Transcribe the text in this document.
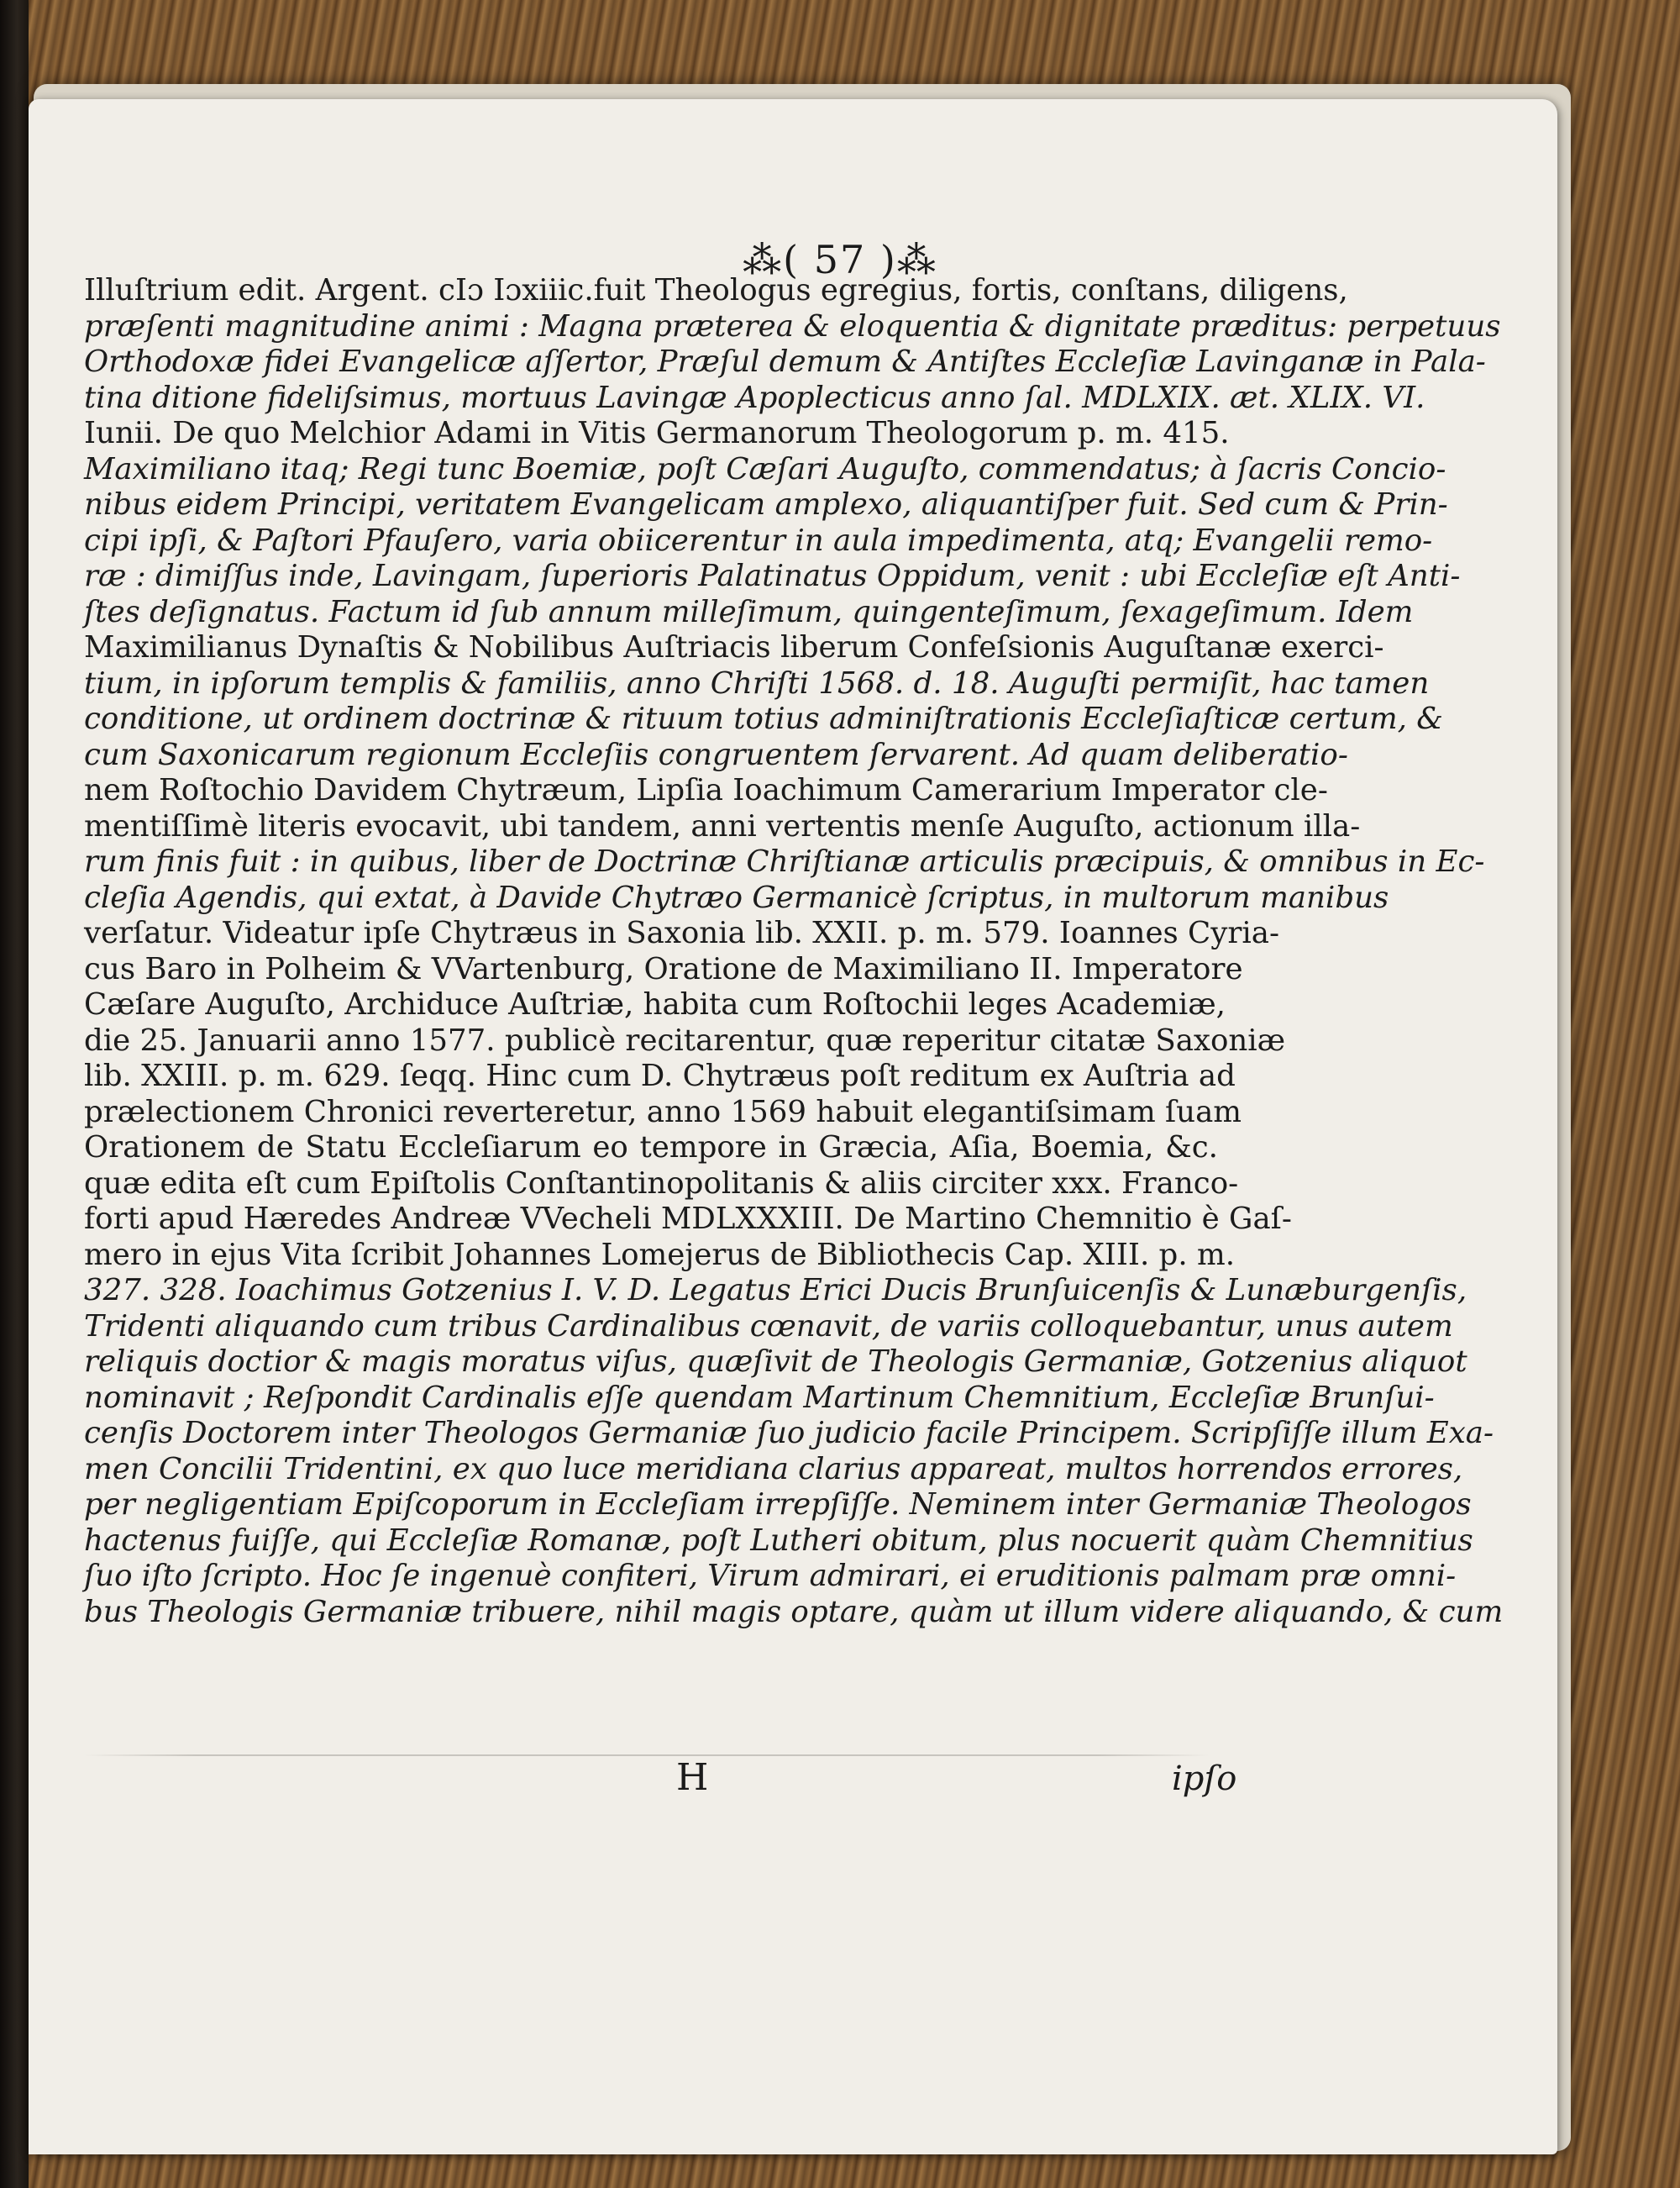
⁂( 57 )⁂
Illuſtrium edit. Argent. cIɔ Iɔxiiic.fuit Theologus egregius, fortis, conſtans, diligens,
præſenti magnitudine animi : Magna præterea & eloquentia & dignitate præditus: perpetuus
Orthodoxæ fidei Evangelicæ aſſertor, Præſul demum & Antiſtes Eccleſiæ Lavinganæ in Pala-
tina ditione fideliſsimus, mortuus Lavingæ Apoplecticus anno ſal. MDLXIX. æt. XLIX. VI.
Iunii. De quo Melchior Adami in Vitis Germanorum Theologorum p. m. 415.
Maximiliano itaq; Regi tunc Boemiæ, poſt Cæſari Auguſto, commendatus; à ſacris Concio-
nibus eidem Principi, veritatem Evangelicam amplexo, aliquantiſper fuit. Sed cum & Prin-
cipi ipſi, & Paſtori Pfauſero, varia obiicerentur in aula impedimenta, atq; Evangelii remo-
ræ : dimiſſus inde, Lavingam, ſuperioris Palatinatus Oppidum, venit : ubi Eccleſiæ eſt Anti-
ſtes deſignatus. Factum id ſub annum milleſimum, quingenteſimum, ſexageſimum. Idem
Maximilianus Dynaſtis & Nobilibus Auſtriacis liberum Confeſsionis Auguſtanæ exerci-
tium, in ipſorum templis & familiis, anno Chriſti 1568. d. 18. Auguſti permiſit, hac tamen
conditione, ut ordinem doctrinæ & rituum totius adminiſtrationis Eccleſiaſticæ certum, &
cum Saxonicarum regionum Eccleſiis congruentem ſervarent. Ad quam deliberatio-
nem Roſtochio Davidem Chytræum, Lipſia Ioachimum Camerarium Imperator cle-
mentiſſimè literis evocavit, ubi tandem, anni vertentis menſe Auguſto, actionum illa-
rum finis fuit : in quibus, liber de Doctrinæ Chriſtianæ articulis præcipuis, & omnibus in Ec-
cleſia Agendis, qui extat, à Davide Chytræo Germanicè ſcriptus, in multorum manibus
verſatur. Videatur ipſe Chytræus in Saxonia lib. XXII. p. m. 579. Ioannes Cyria-
cus Baro in Polheim & VVartenburg, Oratione de Maximiliano II. Imperatore
Cæſare Auguſto, Archiduce Auſtriæ, habita cum Roſtochii leges Academiæ,
die 25. Januarii anno 1577. publicè recitarentur, quæ reperitur citatæ Saxoniæ
lib. XXIII. p. m. 629. ſeqq. Hinc cum D. Chytræus poſt reditum ex Auſtria ad
prælectionem Chronici reverteretur, anno 1569 habuit elegantiſsimam ſuam
Orationem de Statu Eccleſiarum eo tempore in Græcia, Aſia, Boemia, &c.
quæ edita eſt cum Epiſtolis Conſtantinopolitanis & aliis circiter xxx. Franco-
forti apud Hæredes Andreæ VVecheli MDLXXXIII. De Martino Chemnitio è Gaſ-
mero in ejus Vita ſcribit Johannes Lomejerus de Bibliothecis Cap. XIII. p. m.
327. 328. Ioachimus Gotzenius I. V. D. Legatus Erici Ducis Brunſuicenſis & Lunæburgenſis,
Tridenti aliquando cum tribus Cardinalibus cœnavit, de variis colloquebantur, unus autem
reliquis doctior & magis moratus viſus, quæſivit de Theologis Germaniæ, Gotzenius aliquot
nominavit ; Reſpondit Cardinalis eſſe quendam Martinum Chemnitium, Eccleſiæ Brunſui-
cenſis Doctorem inter Theologos Germaniæ ſuo judicio facile Principem. Scripſiſſe illum Exa-
men Concilii Tridentini, ex quo luce meridiana clarius appareat, multos horrendos errores,
per negligentiam Epiſcoporum in Eccleſiam irrepſiſſe. Neminem inter Germaniæ Theologos
hactenus fuiſſe, qui Eccleſiæ Romanæ, poſt Lutheri obitum, plus nocuerit quàm Chemnitius
ſuo iſto ſcripto. Hoc ſe ingenuè confiteri, Virum admirari, ei eruditionis palmam præ omni-
bus Theologis Germaniæ tribuere, nihil magis optare, quàm ut illum videre aliquando, & cum
H	ipſo
